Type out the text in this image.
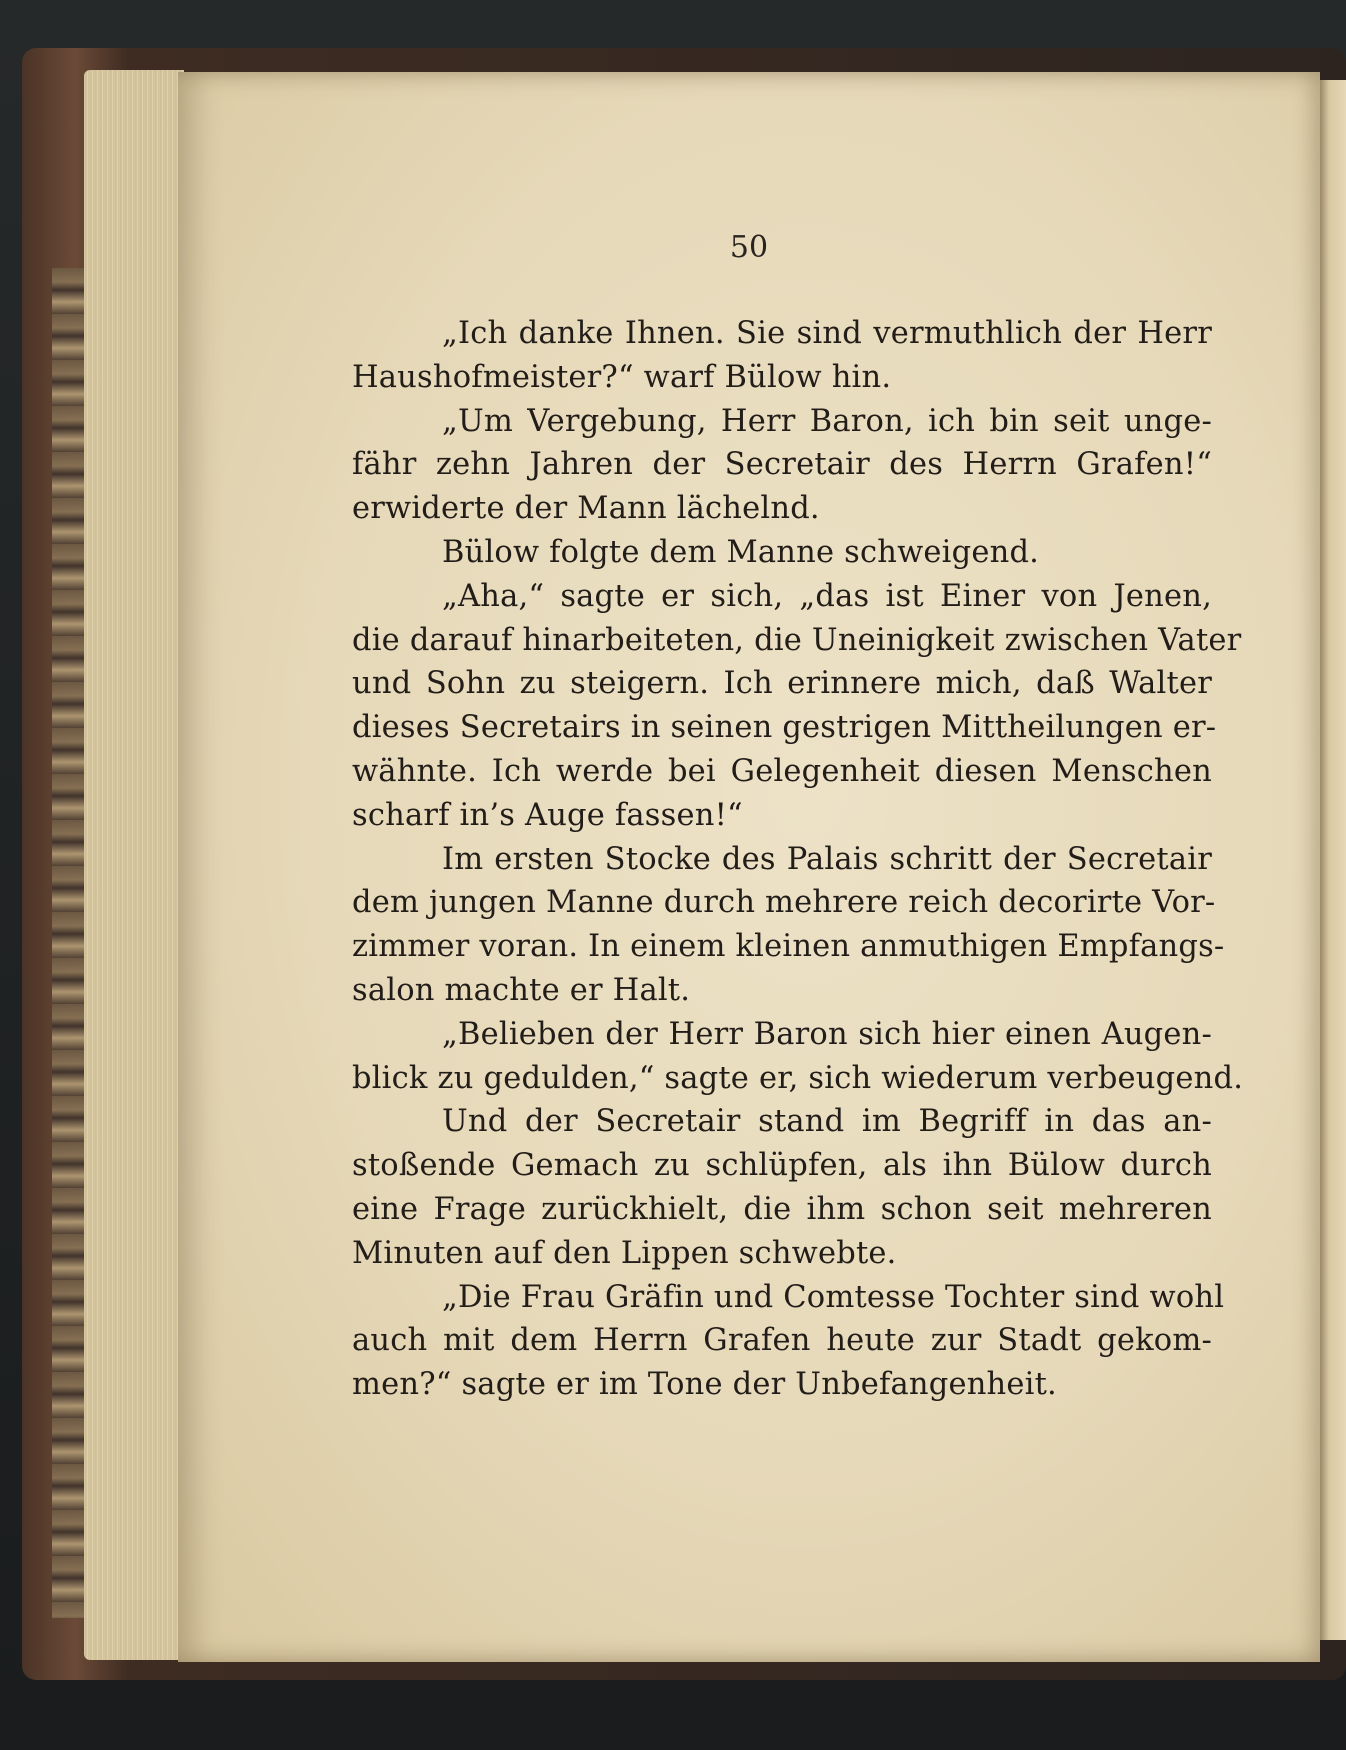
50
„Ich danke Ihnen. Sie sind vermuthlich der Herr
Haushofmeister?“ warf Bülow hin.
„Um Vergebung, Herr Baron, ich bin seit unge-
fähr zehn Jahren der Secretair des Herrn Grafen!“
erwiderte der Mann lächelnd.
Bülow folgte dem Manne schweigend.
„Aha,“ sagte er sich, „das ist Einer von Jenen,
die darauf hinarbeiteten, die Uneinigkeit zwischen Vater
und Sohn zu steigern. Ich erinnere mich, daß Walter
dieses Secretairs in seinen gestrigen Mittheilungen er-
wähnte. Ich werde bei Gelegenheit diesen Menschen
scharf in’s Auge fassen!“
Im ersten Stocke des Palais schritt der Secretair
dem jungen Manne durch mehrere reich decorirte Vor-
zimmer voran. In einem kleinen anmuthigen Empfangs-
salon machte er Halt.
„Belieben der Herr Baron sich hier einen Augen-
blick zu gedulden,“ sagte er, sich wiederum verbeugend.
Und der Secretair stand im Begriff in das an-
stoßende Gemach zu schlüpfen, als ihn Bülow durch
eine Frage zurückhielt, die ihm schon seit mehreren
Minuten auf den Lippen schwebte.
„Die Frau Gräfin und Comtesse Tochter sind wohl
auch mit dem Herrn Grafen heute zur Stadt gekom-
men?“ sagte er im Tone der Unbefangenheit.
